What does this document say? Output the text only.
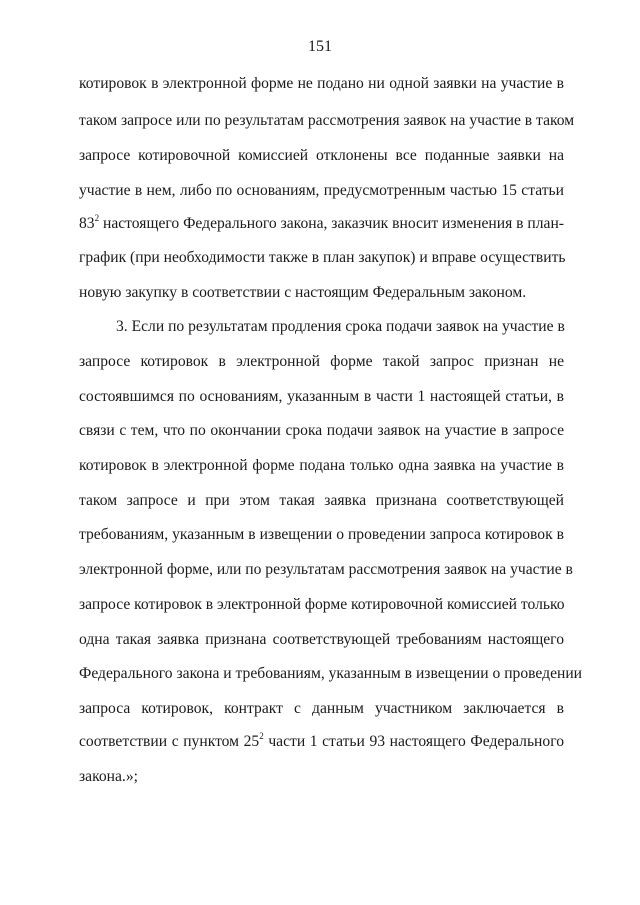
151
котировок в электронной форме не подано ни одной заявки на участие в
таком запросе или по результатам рассмотрения заявок на участие в таком
запросе котировочной комиссией отклонены все поданные заявки на
участие в нем, либо по основаниям, предусмотренным частью 15 статьи
$83^2$ настоящего Федерального закона, заказчик вносит изменения в план-
график (при необходимости также в план закупок) и вправе осуществить
новую закупку в соответствии с настоящим Федеральным законом.
3. Если по результатам продления срока подачи заявок на участие в
запросе котировок в электронной форме такой запрос признан не
состоявшимся по основаниям, указанным в части 1 настоящей статьи, в
связи с тем, что по окончании срока подачи заявок на участие в запросе
котировок в электронной форме подана только одна заявка на участие в
таком запросе и при этом такая заявка признана соответствующей
требованиям, указанным в извещении о проведении запроса котировок в
электронной форме, или по результатам рассмотрения заявок на участие в
запросе котировок в электронной форме котировочной комиссией только
одна такая заявка признана соответствующей требованиям настоящего
Федерального закона и требованиям, указанным в извещении о проведении
запроса котировок, контракт с данным участником заключается в
соответствии с пунктом $25^2$ части 1 статьи 93 настоящего Федерального
закона.»;
